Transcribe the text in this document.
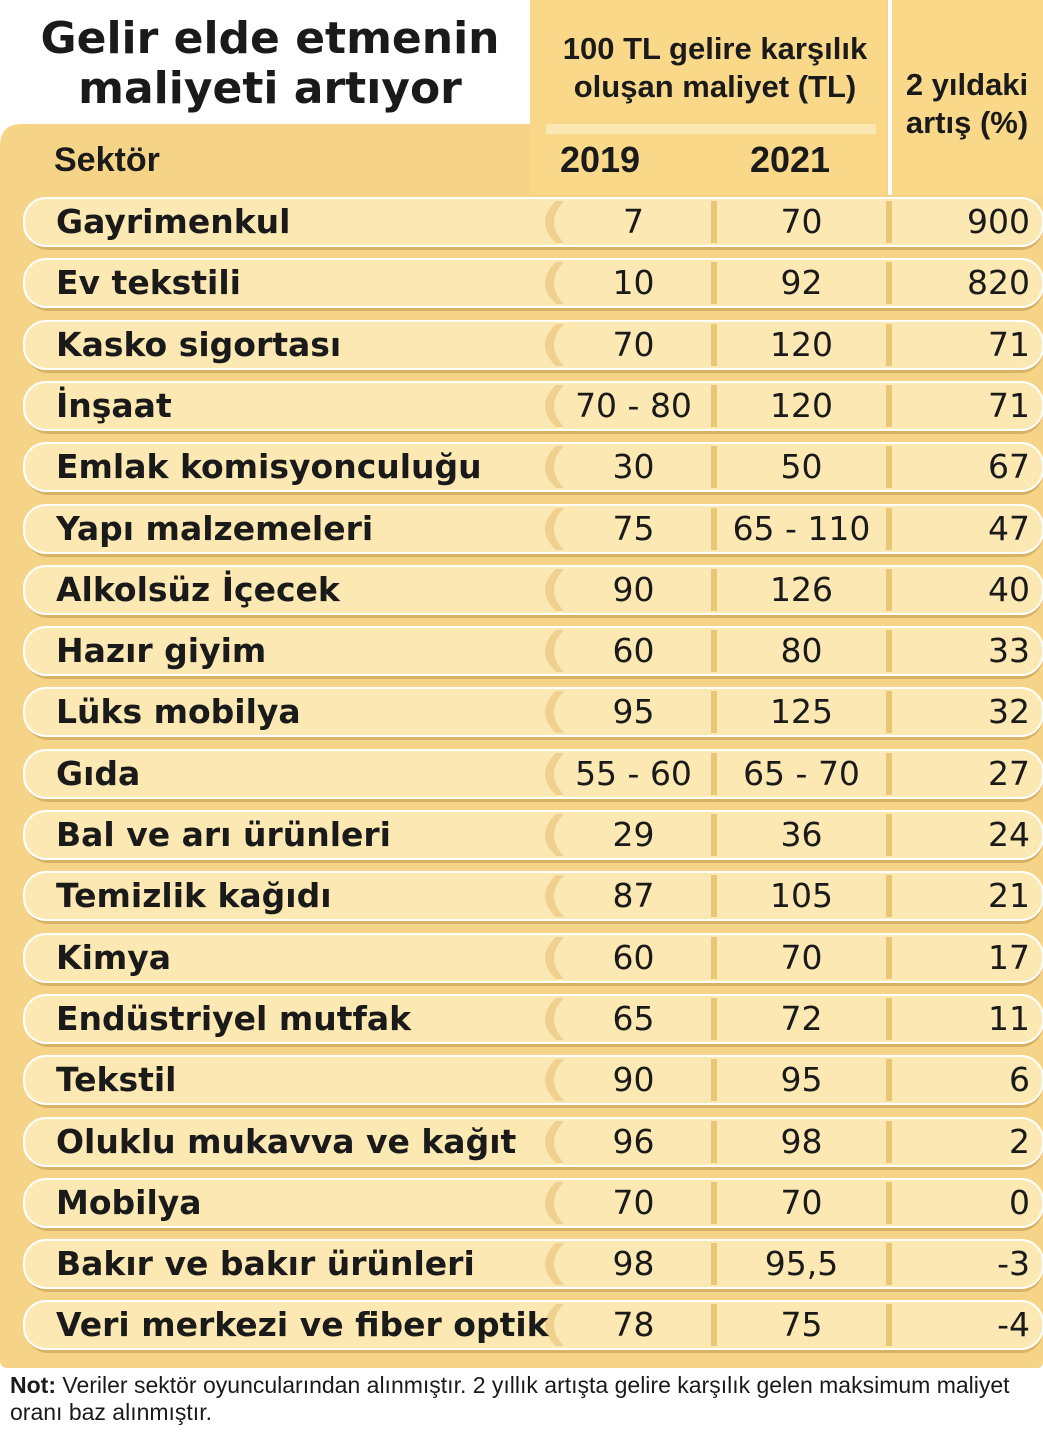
Gelir elde etmenin maliyeti artıyor
100 TL gelire karşılık oluşan maliyet (TL)
Sektör	2019	2021
2 yıldaki artış (%)
Gayrimenkul	7	70	900
Ev tekstili	10	92	820
Kasko sigortası	70	120	71
İnşaat	70 - 80	120	71
Emlak komisyonculuğu	30	50	67
Yapı malzemeleri	75	65 - 110	47
Alkolsüz İçecek	90	126	40
Hazır giyim	60	80	33
Lüks mobilya	95	125	32
Gıda	55 - 60	65 - 70	27
Bal ve arı ürünleri	29	36	24
Temizlik kağıdı	87	105	21
Kimya	60	70	17
Endüstriyel mutfak	65	72	11
Tekstil	90	95	6
Oluklu mukavva ve kağıt	96	98	2
Mobilya	70	70	0
Bakır ve bakır ürünleri	98	95,5	-3
Veri merkezi ve fiber optik	78	75	-4
Not: Veriler sektör oyuncularından alınmıştır. 2 yıllık artışta gelire karşılık gelen maksimum maliyet oranı baz alınmıştır.
